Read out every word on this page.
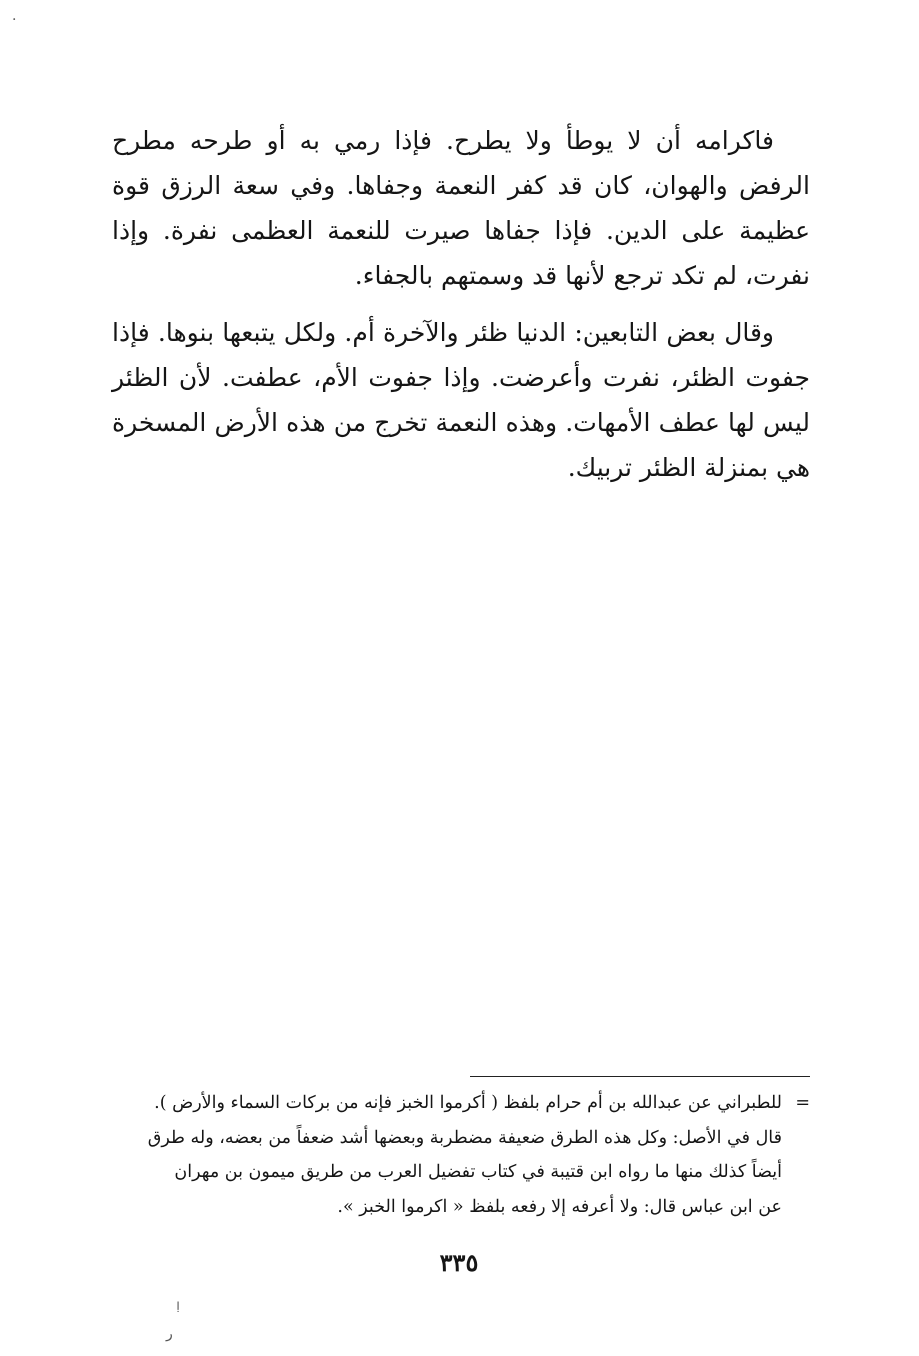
فاكرامه أن لا يوطأ ولا يطرح. فإذا رمي به أو طرحه مطرح الرفض والهوان، كان قد كفر النعمة وجفاها. وفي سعة الرزق قوة عظيمة على الدين. فإذا جفاها صيرت للنعمة العظمى نفرة. وإذا نفرت، لم تكد ترجع لأنها قد وسمتهم بالجفاء.

وقال بعض التابعين: الدنيا ظئر والآخرة أم. ولكل يتبعها بنوها. فإذا جفوت الظئر، نفرت وأعرضت. وإذا جفوت الأم، عطفت. لأن الظئر ليس لها عطف الأمهات. وهذه النعمة تخرج من هذه الأرض المسخرة هي بمنزلة الظئر تربيك.

=
للطبراني عن عبدالله بن أم حرام بلفظ ( أكرموا الخبز فإنه من بركات السماء والأرض ).
قال في الأصل: وكل هذه الطرق ضعيفة مضطربة وبعضها أشد ضعفاً من بعضه، وله طرق
أيضاً كذلك منها ما رواه ابن قتيبة في كتاب تفضيل العرب من طريق ميمون بن مهران
عن ابن عباس قال: ولا أعرفه إلا رفعه بلفظ « اكرموا الخبز ».
٣٣٥
·
ǃ
ﺭ
